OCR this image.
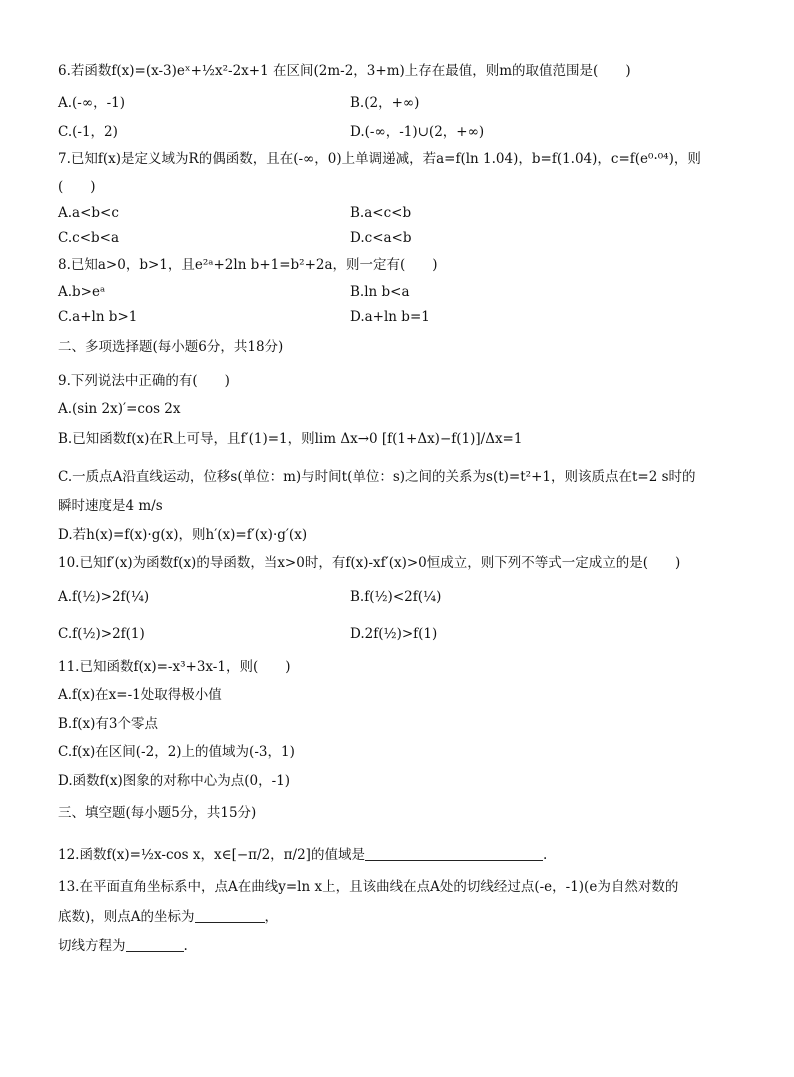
6.若函数f(x)=(x-3)eˣ+½x²-2x+1 在区间(2m-2，3+m)上存在最值，则m的取值范围是(　　)
A.(-∞，-1)	B.(2，+∞)
C.(-1，2)	D.(-∞，-1)∪(2，+∞)
7.已知f(x)是定义域为R的偶函数，且在(-∞，0)上单调递减，若a=f(ln 1.04)，b=f(1.04)，c=f(e⁰·⁰⁴)，则
(　　)
A.a<b<c	B.a<c<b
C.c<b<a	D.c<a<b
8.已知a>0，b>1，且e²ᵃ+2ln b+1=b²+2a，则一定有(　　)
A.b>eᵃ	B.ln b<a
C.a+ln b>1	D.a+ln b=1
二、多项选择题(每小题6分，共18分)
9.下列说法中正确的有(　　)
A.(sin 2x)′=cos 2x
B.已知函数f(x)在R上可导，且f′(1)=1，则lim Δx→0 [f(1+Δx)−f(1)]/Δx=1
C.一质点A沿直线运动，位移s(单位：m)与时间t(单位：s)之间的关系为s(t)=t²+1，则该质点在t=2 s时的
瞬时速度是4 m/s
D.若h(x)=f(x)·g(x)，则h′(x)=f′(x)·g′(x)
10.已知f′(x)为函数f(x)的导函数，当x>0时，有f(x)-xf′(x)>0恒成立，则下列不等式一定成立的是(　　)
A.f(½)>2f(¼)	B.f(½)<2f(¼)
C.f(½)>2f(1)	D.2f(½)>f(1)
11.已知函数f(x)=-x³+3x-1，则(　　)
A.f(x)在x=-1处取得极小值
B.f(x)有3个零点
C.f(x)在区间(-2，2)上的值域为(-3，1)
D.函数f(x)图象的对称中心为点(0，-1)
三、填空题(每小题5分，共15分)
12.函数f(x)=½x-cos x，x∈[−π/2，π/2]的值域是	.
13.在平面直角坐标系中，点A在曲线y=ln x上，且该曲线在点A处的切线经过点(-e，-1)(e为自然对数的
底数)，则点A的坐标为	，
切线方程为	.
